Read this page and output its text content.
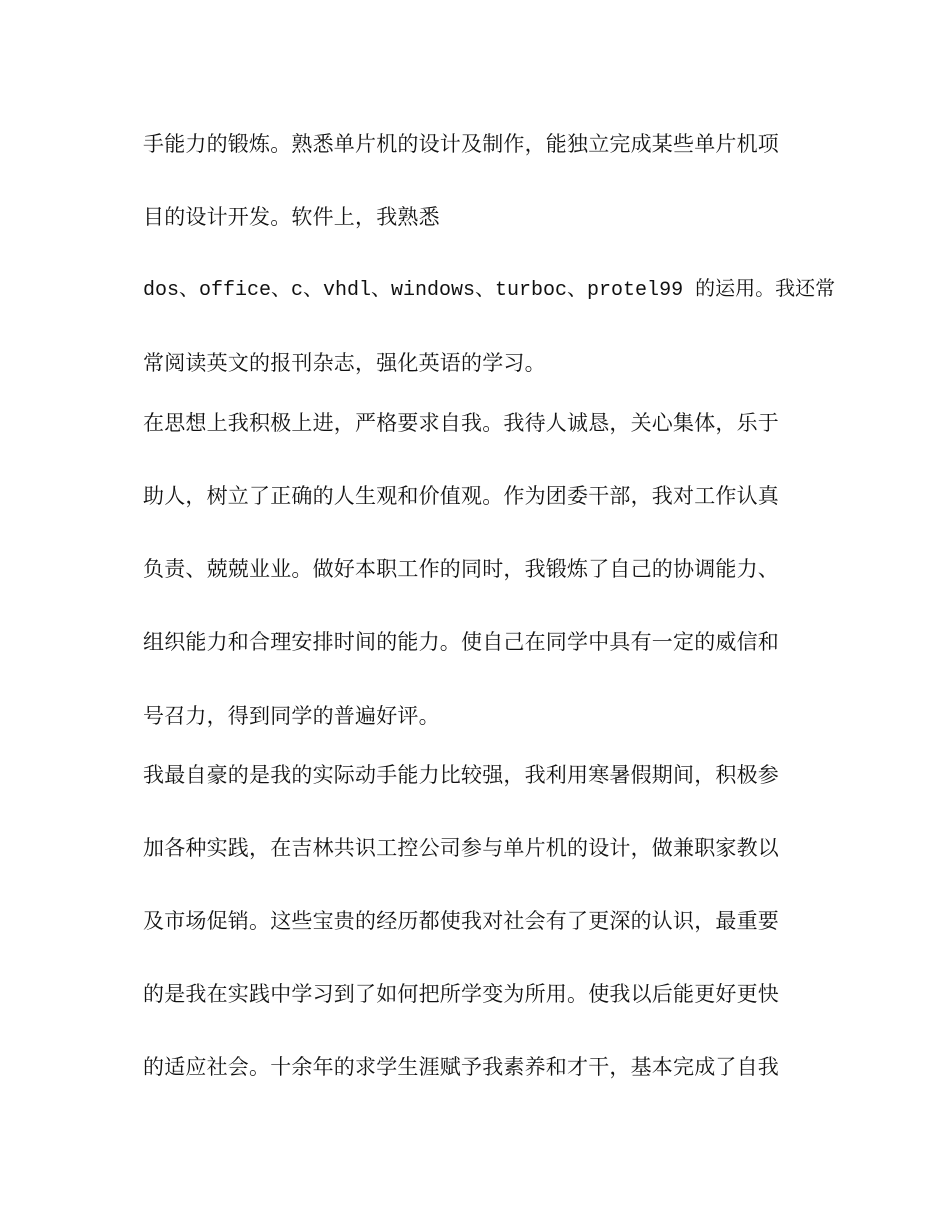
手能力的锻炼。熟悉单片机的设计及制作，能独立完成某些单片机项
目的设计开发。软件上，我熟悉
dos、office、c、vhdl、windows、turboc、protel99 的运用。我还常
常阅读英文的报刊杂志，强化英语的学习。
在思想上我积极上进，严格要求自我。我待人诚恳，关心集体，乐于
助人，树立了正确的人生观和价值观。作为团委干部，我对工作认真
负责、兢兢业业。做好本职工作的同时，我锻炼了自己的协调能力、
组织能力和合理安排时间的能力。使自己在同学中具有一定的威信和
号召力，得到同学的普遍好评。
我最自豪的是我的实际动手能力比较强，我利用寒暑假期间，积极参
加各种实践，在吉林共识工控公司参与单片机的设计，做兼职家教以
及市场促销。这些宝贵的经历都使我对社会有了更深的认识，最重要
的是我在实践中学习到了如何把所学变为所用。使我以后能更好更快
的适应社会。十余年的求学生涯赋予我素养和才干，基本完成了自我
